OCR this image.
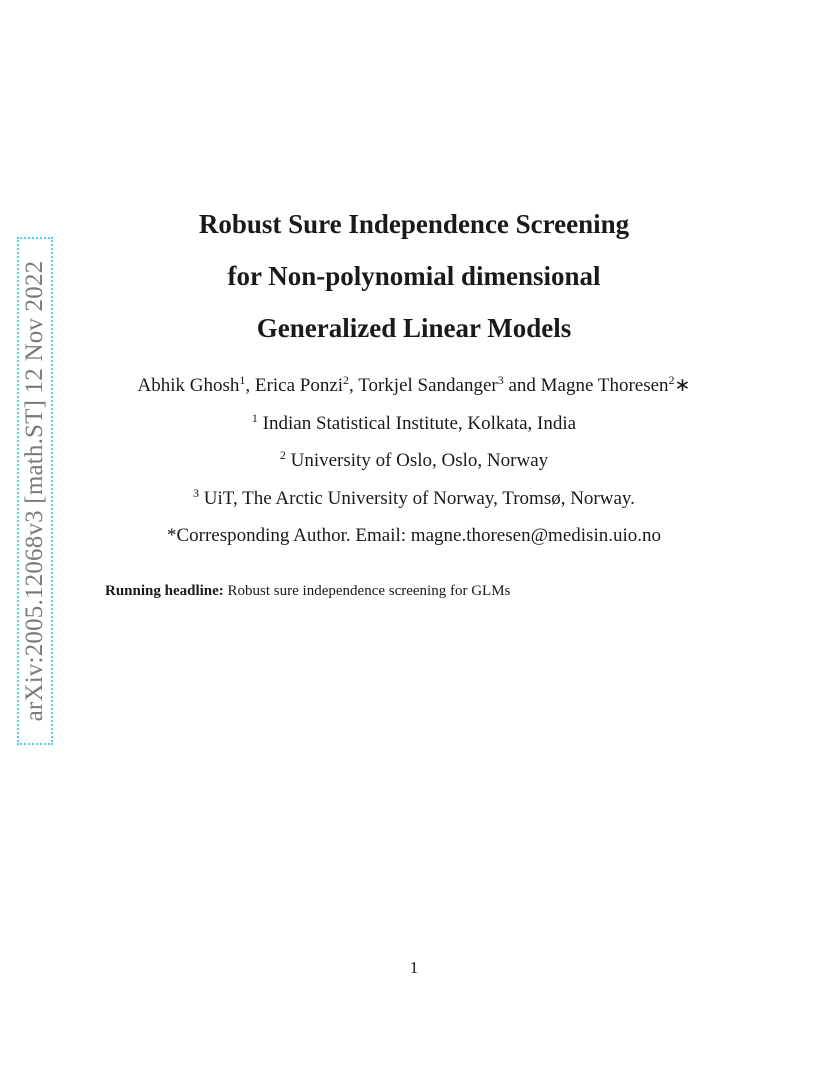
arXiv:2005.12068v3 [math.ST] 12 Nov 2022
Robust Sure Independence Screening
for Non-polynomial dimensional
Generalized Linear Models
Abhik Ghosh$^1$, Erica Ponzi$^2$, Torkjel Sandanger$^3$ and Magne Thoresen$^2$∗
$^1$ Indian Statistical Institute, Kolkata, India
$^2$ University of Oslo, Oslo, Norway
$^3$ UiT, The Arctic University of Norway, Tromsø, Norway.
*Corresponding Author. Email: magne.thoresen@medisin.uio.no
Running headline: Robust sure independence screening for GLMs
1
